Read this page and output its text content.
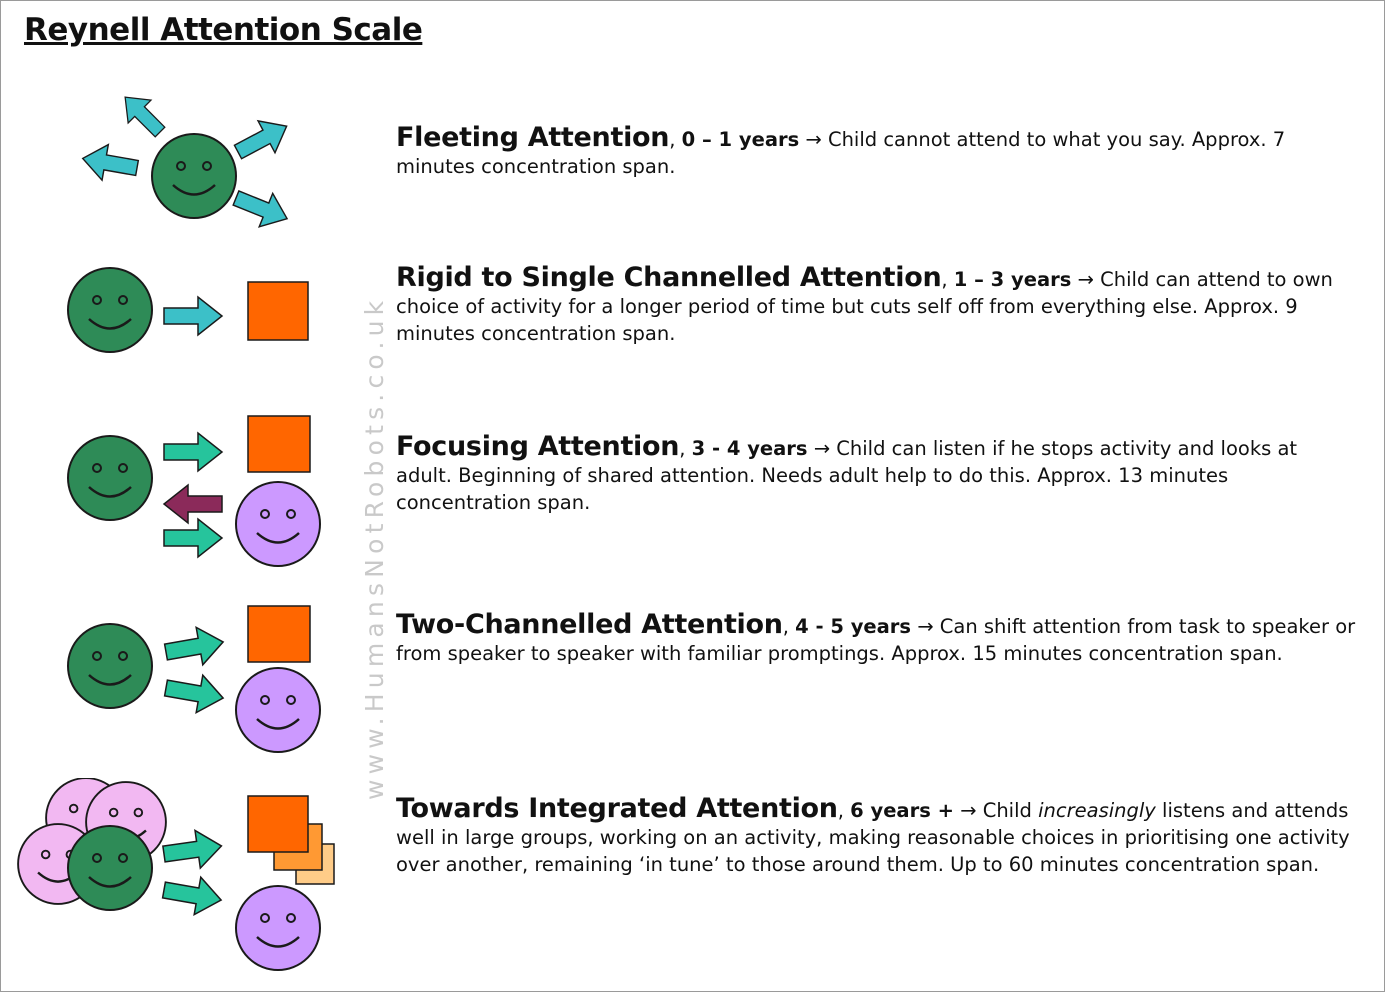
Reynell Attention Scale
www.HumansNotRobots.co.uk
Fleeting Attention, 0 – 1 years → Child cannot attend to what you say. Approx. 7 minutes concentration span.
Rigid to Single Channelled Attention, 1 – 3 years → Child can attend to own choice of activity for a longer period of time but cuts self off from everything else. Approx. 9 minutes concentration span.
Focusing Attention, 3 - 4 years → Child can listen if he stops activity and looks at adult. Beginning of shared attention. Needs adult help to do this. Approx. 13 minutes concentration span.
Two-Channelled Attention, 4 - 5 years → Can shift attention from task to speaker or from speaker to speaker with familiar promptings. Approx. 15 minutes concentration span.
Towards Integrated Attention, 6 years + → Child increasingly listens and attends well in large groups, working on an activity, making reasonable choices in prioritising one activity over another, remaining ‘in tune’ to those around them. Up to 60 minutes concentration span.
